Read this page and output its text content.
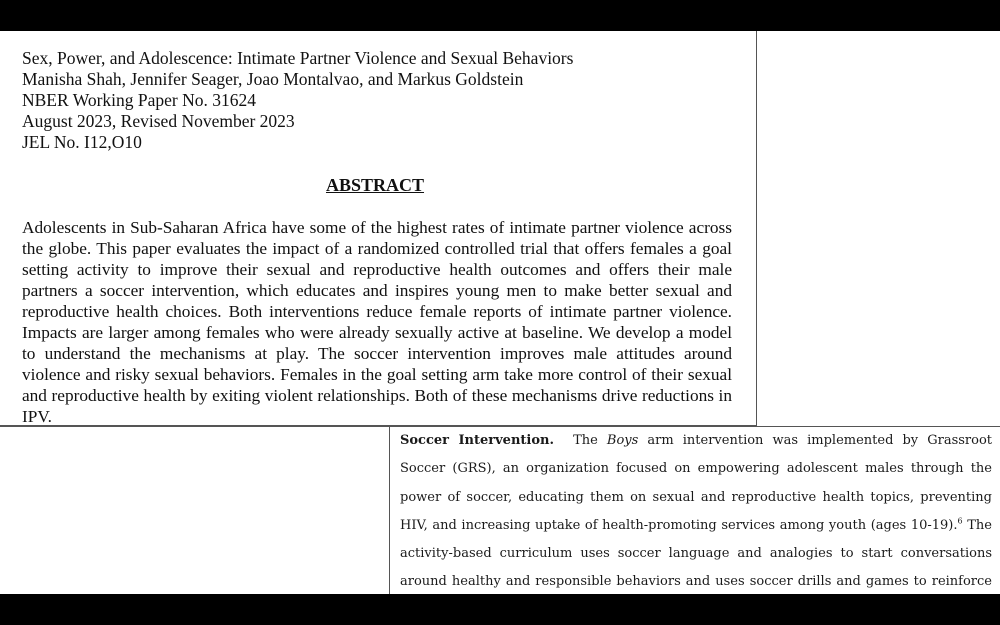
Sex, Power, and Adolescence: Intimate Partner Violence and Sexual Behaviors
Manisha Shah, Jennifer Seager, Joao Montalvao, and Markus Goldstein
NBER Working Paper No. 31624
August 2023, Revised November 2023
JEL No. I12,O10
ABSTRACT
Adolescents in Sub-Saharan Africa have some of the highest rates of intimate partner violence across the globe. This paper evaluates the impact of a randomized controlled trial that offers females a goal setting activity to improve their sexual and reproductive health outcomes and offers their male partners a soccer intervention, which educates and inspires young men to make better sexual and reproductive health choices. Both interventions reduce female reports of intimate partner violence. Impacts are larger among females who were already sexually active at baseline. We develop a model to understand the mechanisms at play. The soccer intervention improves male attitudes around violence and risky sexual behaviors. Females in the goal setting arm take more control of their sexual and reproductive health by exiting violent relationships. Both of these mechanisms drive reductions in IPV.
Soccer Intervention. The Boys arm intervention was implemented by Grassroot Soccer (GRS), an organization focused on empowering adolescent males through the power of soccer, educating them on sexual and reproductive health topics, preventing HIV, and increasing uptake of health-promoting services among youth (ages 10-19).$^6$ The activity-based curriculum uses soccer language and analogies to start conversations around healthy and responsible behaviors and uses soccer drills and games to reinforce
